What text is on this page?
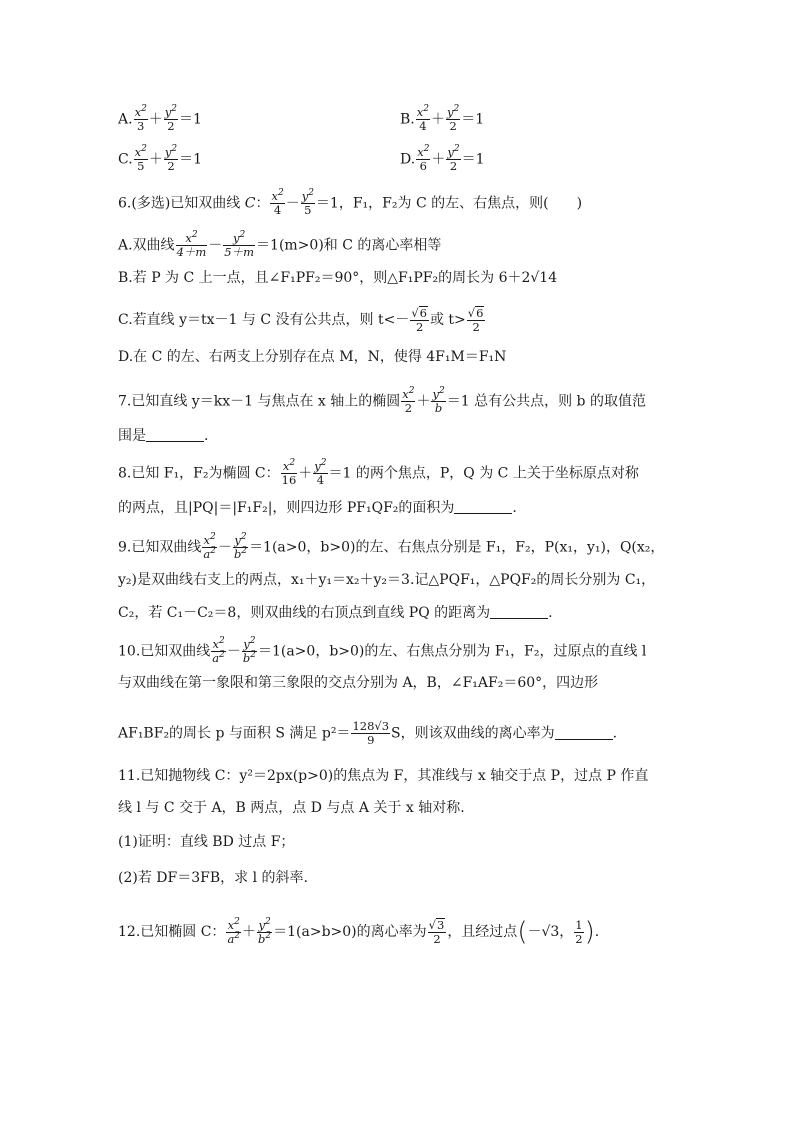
A. $\frac{x^2}{3} + \frac{y^2}{2} =1$	B. $\frac{x^2}{4} + \frac{y^2}{2} =1$
C. $\frac{x^2}{5} + \frac{y^2}{2} =1$	D. $\frac{x^2}{6} + \frac{y^2}{2} =1$
6.(多选)已知双曲线 C： $\frac{x^2}{4} - \frac{y^2}{5} =1$，F₁，F₂为 C 的左、右焦点，则(　　)
A.双曲线 $\frac{x^2}{4+m} - \frac{y^2}{5+m} =1(m>0)$和 C 的离心率相等
B.若 P 为 C 上一点，且∠F₁PF₂＝90°，则△F₁PF₂的周长为 6＋2√14
C.若直线 y＝tx－1 与 C 没有公共点，则 $t<- \frac{√6}{2}$ 或 $t> \frac{√6}{2}$
D.在 C 的左、右两支上分别存在点 M，N，使得 4F₁M＝F₁N
7.已知直线 y＝kx－1 与焦点在 x 轴上的椭圆 $\frac{x^2}{2} + \frac{y^2}{b} =1$ 总有公共点，则 b 的取值范
围是	.
8.已知 F₁，F₂为椭圆 C： $\frac{x^2}{16} + \frac{y^2}{4} =1$ 的两个焦点，P，Q 为 C 上关于坐标原点对称
的两点，且|PQ|＝|F₁F₂|，则四边形 PF₁QF₂的面积为	.
9.已知双曲线 $\frac{x^2}{a^2} - \frac{y^2}{b^2} =1(a>0$，b>0)的左、右焦点分别是 F₁，F₂，P(x₁，y₁)，Q(x₂，
y₂)是双曲线右支上的两点，x₁＋y₁＝x₂＋y₂＝3.记△PQF₁，△PQF₂的周长分别为 C₁，
C₂，若 C₁－C₂＝8，则双曲线的右顶点到直线 PQ 的距离为	.
10.已知双曲线 $\frac{x^2}{a^2} - \frac{y^2}{b^2} =1(a>0$，b>0)的左、右焦点分别为 F₁，F₂，过原点的直线 l
与双曲线在第一象限和第三象限的交点分别为 A，B，∠F₁AF₂＝60°，四边形
AF₁BF₂的周长 p 与面积 S 满足 $p^2= \frac{128√3}{9}$ S，则该双曲线的离心率为	.
11.已知抛物线 C：y²＝2px(p>0)的焦点为 F，其准线与 x 轴交于点 P，过点 P 作直
线 l 与 C 交于 A，B 两点，点 D 与点 A 关于 x 轴对称.
(1)证明：直线 BD 过点 F；
(2)若 DF＝3FB，求 l 的斜率.
12.已知椭圆 C： $\frac{x^2}{a^2} + \frac{y^2}{b^2} =1(a>b>0)$的离心率为 $\frac{√3}{2}$ ，且经过点(－√3， $\frac{1}{2}$ ).
